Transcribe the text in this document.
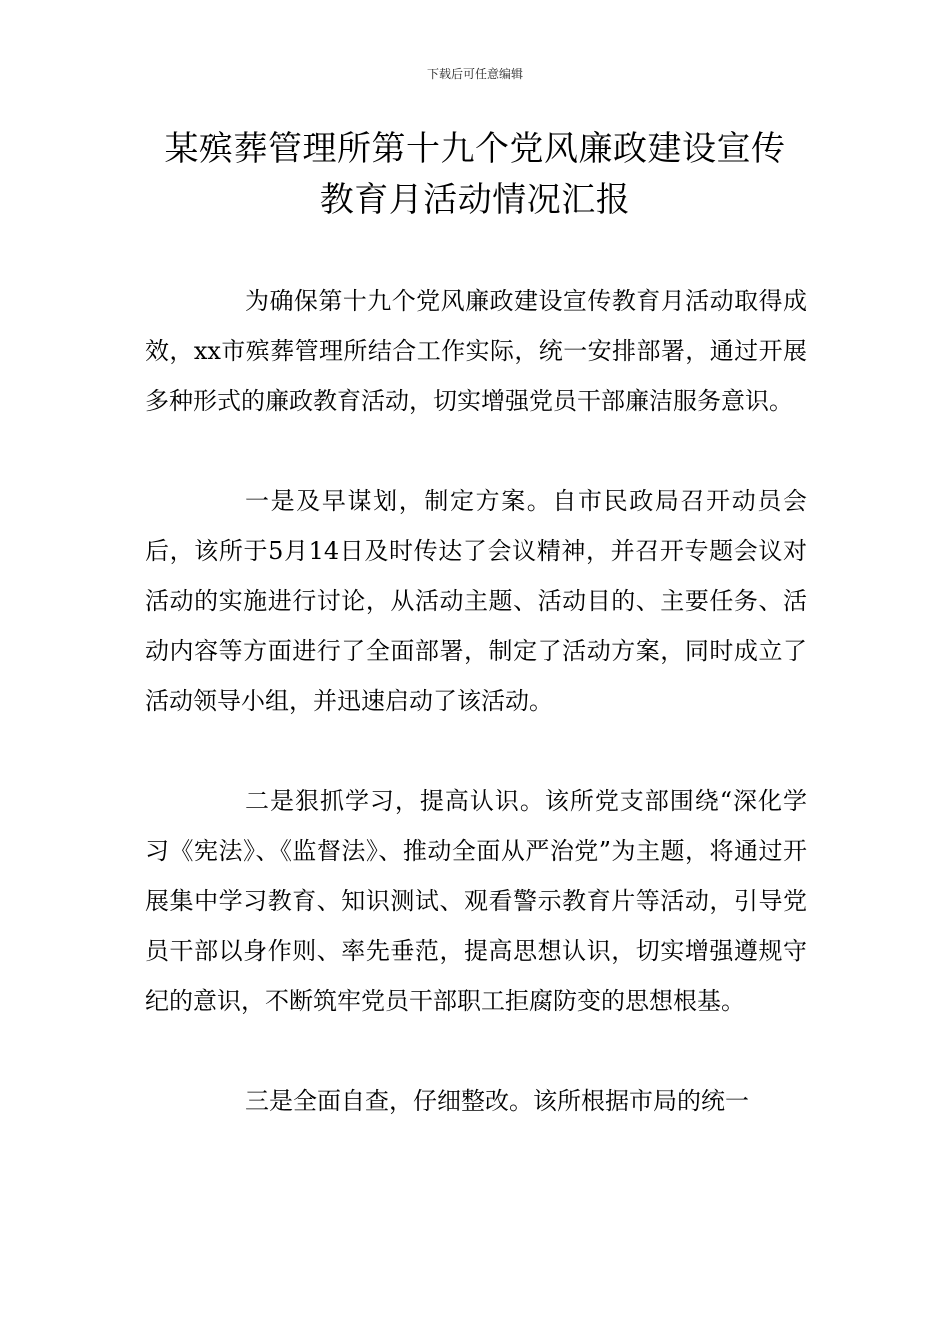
下载后可任意编辑
某殡葬管理所第十九个党风廉政建设宣传
教育月活动情况汇报

为确保第十九个党风廉政建设宣传教育月活动取得成效，xx市殡葬管理所结合工作实际，统一安排部署，通过开展多种形式的廉政教育活动，切实增强党员干部廉洁服务意识。

一是及早谋划，制定方案。自市民政局召开动员会后，该所于5月14日及时传达了会议精神，并召开专题会议对活动的实施进行讨论，从活动主题、活动目的、主要任务、活动内容等方面进行了全面部署，制定了活动方案，同时成立了活动领导小组，并迅速启动了该活动。

二是狠抓学习，提高认识。该所党支部围绕“深化学习《宪法》、《监督法》、推动全面从严治党”为主题，将通过开展集中学习教育、知识测试、观看警示教育片等活动，引导党员干部以身作则、率先垂范，提高思想认识，切实增强遵规守纪的意识，不断筑牢党员干部职工拒腐防变的思想根基。

三是全面自查，仔细整改。该所根据市局的统一
